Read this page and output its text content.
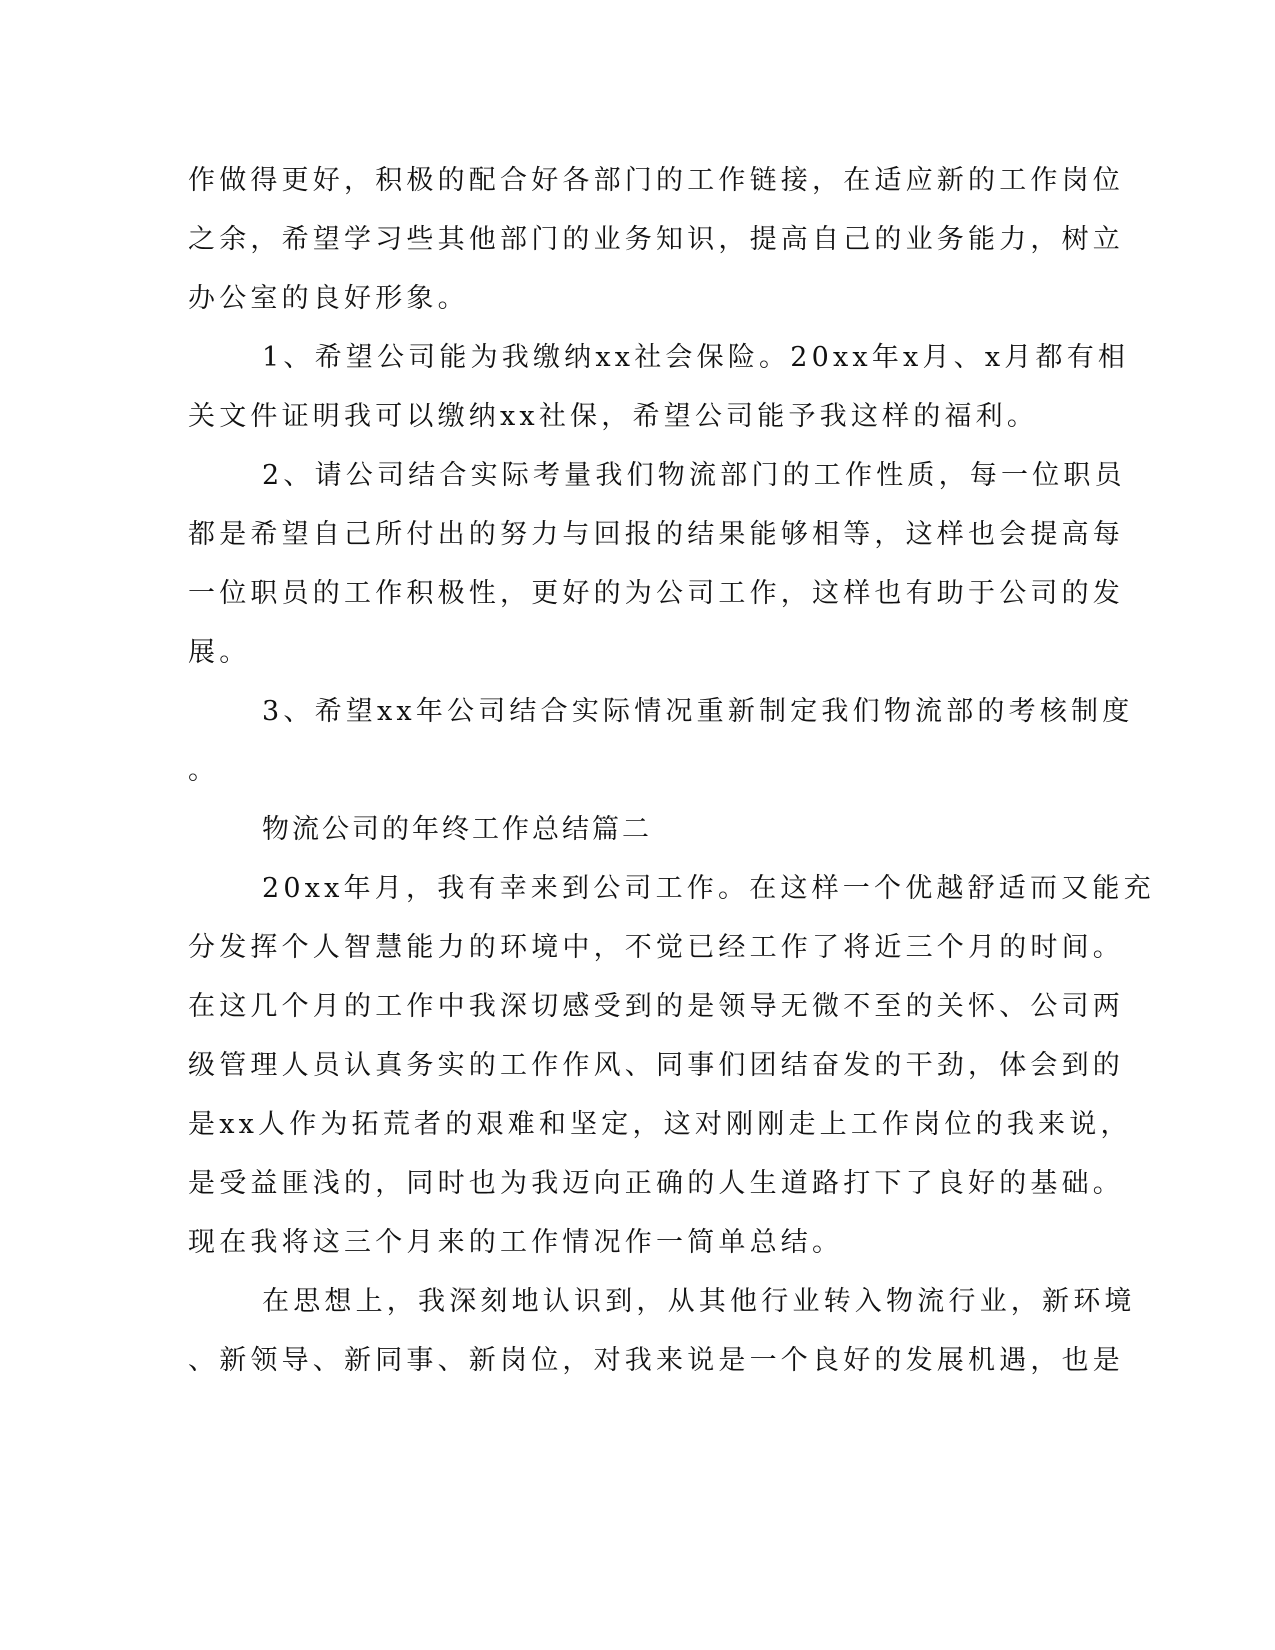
作做得更好，积极的配合好各部门的工作链接，在适应新的工作岗位
之余，希望学习些其他部门的业务知识，提高自己的业务能力，树立
办公室的良好形象。
1、希望公司能为我缴纳xx社会保险。20xx年x月、x月都有相
关文件证明我可以缴纳xx社保，希望公司能予我这样的福利。
2、请公司结合实际考量我们物流部门的工作性质，每一位职员
都是希望自己所付出的努力与回报的结果能够相等，这样也会提高每
一位职员的工作积极性，更好的为公司工作，这样也有助于公司的发
展。
3、希望xx年公司结合实际情况重新制定我们物流部的考核制度
。
物流公司的年终工作总结篇二
20xx年月，我有幸来到公司工作。在这样一个优越舒适而又能充
分发挥个人智慧能力的环境中，不觉已经工作了将近三个月的时间。
在这几个月的工作中我深切感受到的是领导无微不至的关怀、公司两
级管理人员认真务实的工作作风、同事们团结奋发的干劲，体会到的
是xx人作为拓荒者的艰难和坚定，这对刚刚走上工作岗位的我来说，
是受益匪浅的，同时也为我迈向正确的人生道路打下了良好的基础。
现在我将这三个月来的工作情况作一简单总结。
在思想上，我深刻地认识到，从其他行业转入物流行业，新环境
、新领导、新同事、新岗位，对我来说是一个良好的发展机遇，也是
